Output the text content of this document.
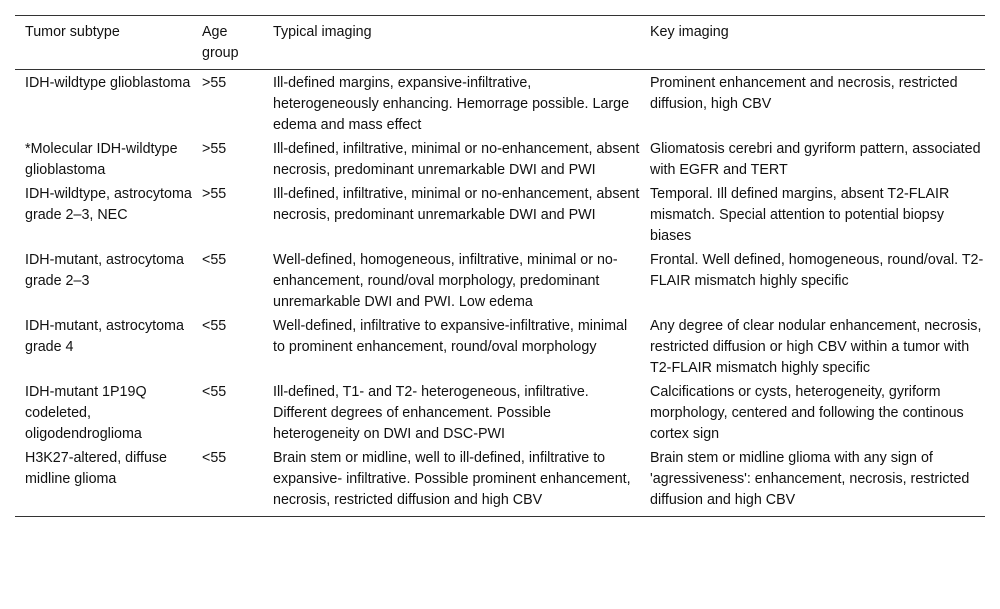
Tumor subtype	Age group	Typical imaging	Key imaging
IDH-wildtype glioblastoma	>55	Ill-defined margins, expansive-infiltrative, heterogeneously enhancing. Hemorrage possible. Large edema and mass effect	Prominent enhancement and necrosis, restricted diffusion, high CBV
*Molecular IDH-wildtype glioblastoma	>55	Ill-defined, infiltrative, minimal or no-enhancement, absent necrosis, predominant unremarkable DWI and PWI	Gliomatosis cerebri and gyriform pattern, associated with EGFR and TERT
IDH-wildtype, astrocytoma grade 2–3, NEC	>55	Ill-defined, infiltrative, minimal or no-enhancement, absent necrosis, predominant unremarkable DWI and PWI	Temporal. Ill defined margins, absent T2-FLAIR mismatch. Special attention to potential biopsy biases
IDH-mutant, astrocytoma grade 2–3	<55	Well-defined, homogeneous, infiltrative, minimal or no-enhancement, round/oval morphology, predominant unremarkable DWI and PWI. Low edema	Frontal. Well defined, homogeneous, round/oval. T2-FLAIR mismatch highly specific
IDH-mutant, astrocytoma grade 4	<55	Well-defined, infiltrative to expansive-infiltrative, minimal to prominent enhancement, round/oval morphology	Any degree of clear nodular enhancement, necrosis, restricted diffusion or high CBV within a tumor with T2-FLAIR mismatch highly specific
IDH-mutant 1P19Q codeleted, oligodendroglioma	<55	Ill-defined, T1- and T2- heterogeneous, infiltrative. Different degrees of enhancement. Possible heterogeneity on DWI and DSC-PWI	Calcifications or cysts, heterogeneity, gyriform morphology, centered and following the continous cortex sign
H3K27-altered, diffuse midline glioma	<55	Brain stem or midline, well to ill-defined, infiltrative to expansive- infiltrative. Possible prominent enhancement, necrosis, restricted diffusion and high CBV	Brain stem or midline glioma with any sign of 'agressiveness': enhancement, necrosis, restricted diffusion and high CBV
